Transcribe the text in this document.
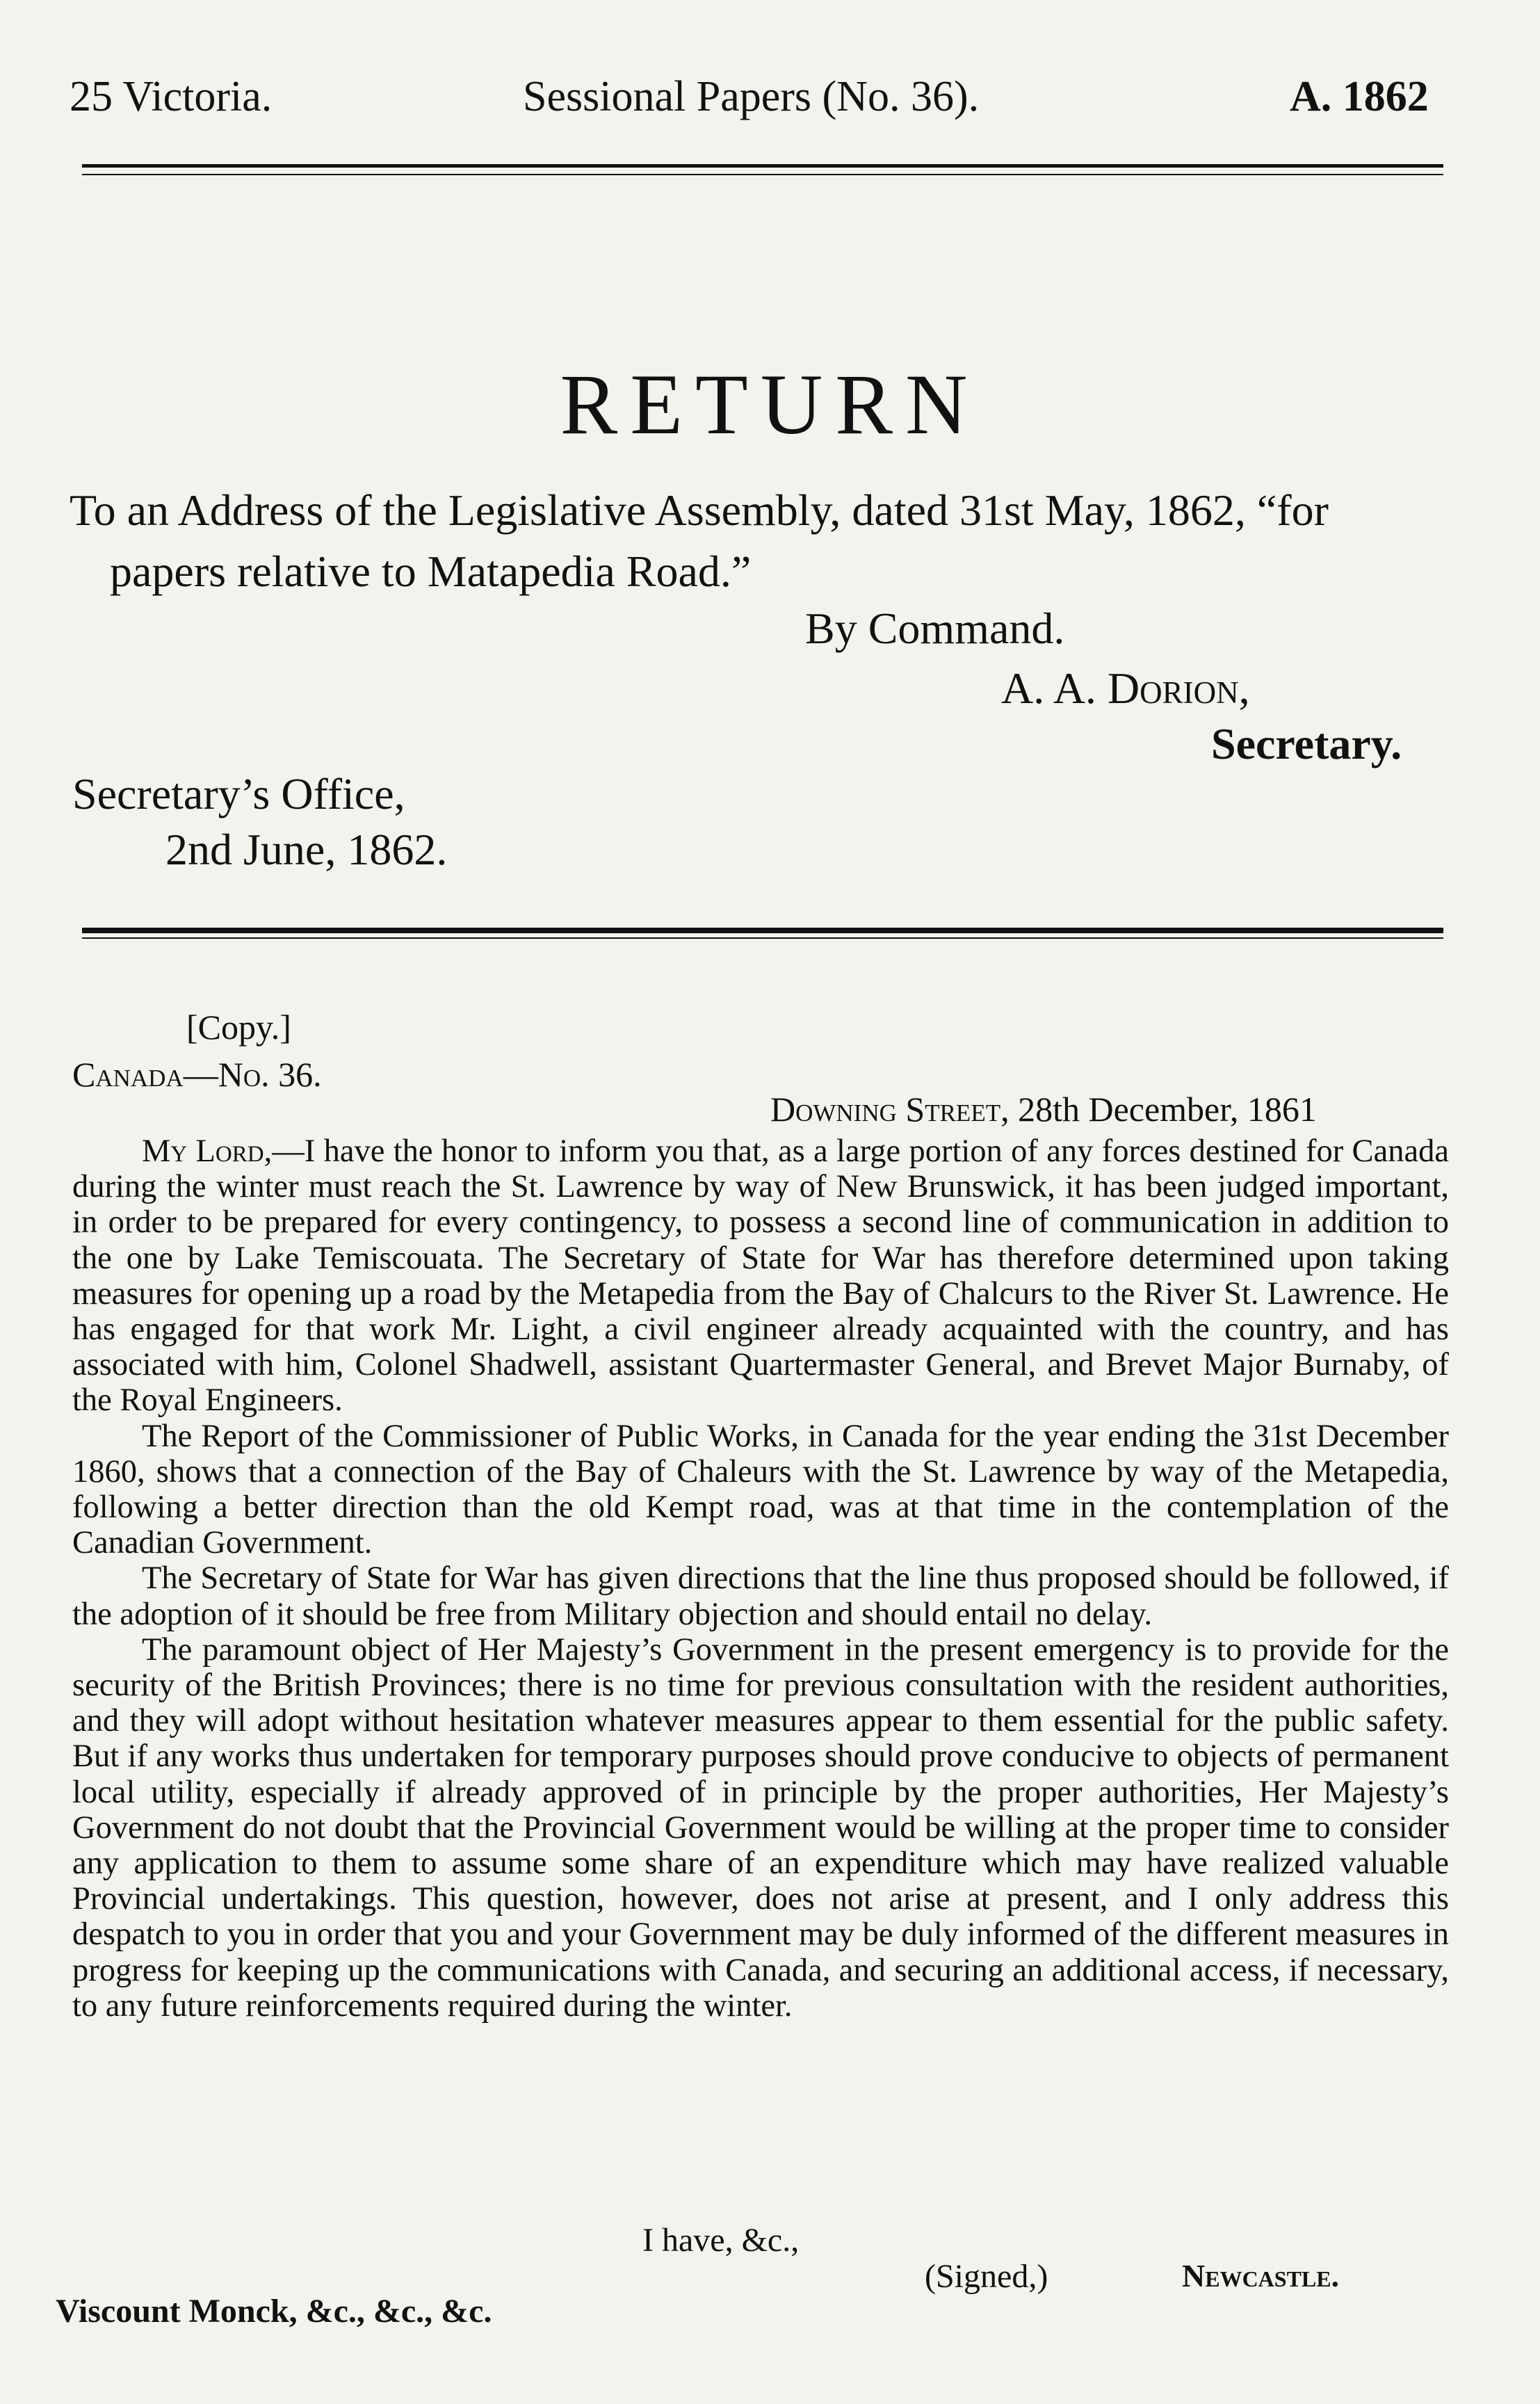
25 Victoria.	Sessional Papers (No. 36).	A. 1862
RETURN
To an Address of the Legislative Assembly, dated 31st May, 1862, “for
papers relative to Matapedia Road.”
By Command.
A. A. Dorion,
Secretary.
Secretary’s Office,
2nd June, 1862.
[Copy.]
Canada—No. 36.
Downing Street, 28th December, 1861

My Lord,—I have the honor to inform you that, as a large portion of any forces destined for Canada during the winter must reach the St. Lawrence by way of New Brunswick, it has been judged important, in order to be prepared for every contingency, to possess a second line of communication in addition to the one by Lake Temiscouata. The Secretary of State for War has therefore determined upon taking measures for opening up a road by the Metapedia from the Bay of Chalcurs to the River St. Lawrence. He has engaged for that work Mr. Light, a civil engineer already acquainted with the country, and has associated with him, Colonel Shadwell, assistant Quartermaster General, and Brevet Major Burnaby, of the Royal Engineers.

The Report of the Commissioner of Public Works, in Canada for the year ending the 31st December 1860, shows that a connection of the Bay of Chaleurs with the St. Lawrence by way of the Metapedia, following a better direction than the old Kempt road, was at that time in the contemplation of the Canadian Government.

The Secretary of State for War has given directions that the line thus proposed should be followed, if the adoption of it should be free from Military objection and should entail no delay.

The paramount object of Her Majesty’s Government in the present emergency is to provide for the security of the British Provinces; there is no time for previous consultation with the resident authorities, and they will adopt without hesitation whatever measures appear to them essential for the public safety. But if any works thus undertaken for temporary purposes should prove conducive to objects of permanent local utility, especially if already approved of in principle by the proper authorities, Her Majesty’s Government do not doubt that the Provincial Government would be willing at the proper time to consider any application to them to assume some share of an expenditure which may have realized valuable Provincial undertakings. This question, however, does not arise at present, and I only address this despatch to you in order that you and your Government may be duly informed of the different measures in progress for keeping up the communications with Canada, and securing an additional access, if necessary, to any future reinforcements required during the winter.

I have, &c.,
(Signed,)	Newcastle.
Viscount Monck, &c., &c., &c.
